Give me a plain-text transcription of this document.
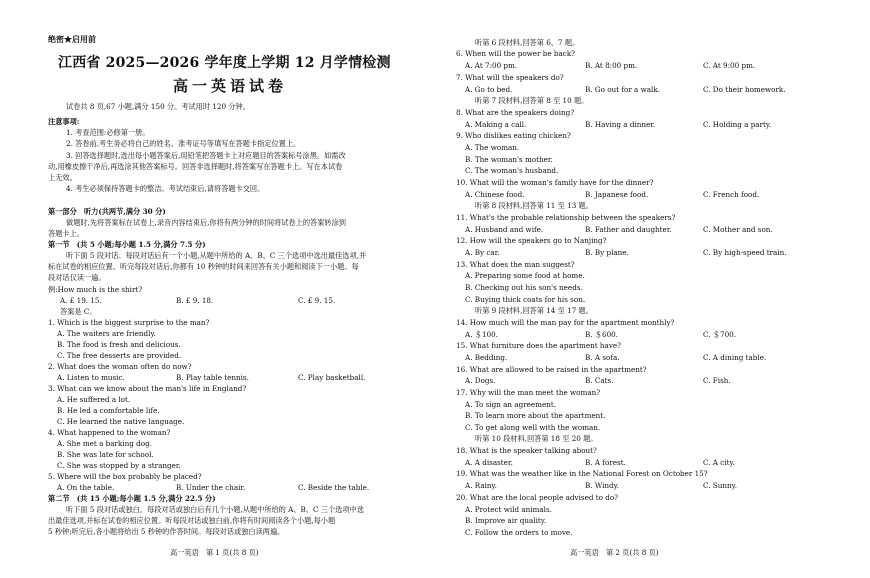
绝密★启用前
江西省 2025—2026 学年度上学期 12 月学情检测
高一英语试卷
试卷共 8 页,67 小题,满分 150 分。考试用时 120 分钟。
注意事项:
1. 考查范围:必修第一册。
2. 答卷前,考生务必将自己的姓名、准考证号等填写在答题卡指定位置上。
3. 回答选择题时,选出每小题答案后,用铅笔把答题卡上对应题目的答案标号涂黑。如需改
动,用橡皮擦干净后,再选涂其他答案标号。回答非选择题时,将答案写在答题卡上。写在本试卷
上无效。
4. 考生必须保持答题卡的整洁。考试结束后,请将答题卡交回。
第一部分　听力(共两节,满分 30 分)
做题时,先将答案标在试卷上,录音内容结束后,你将有两分钟的时间将试卷上的答案转涂到
答题卡上。
第一节　(共 5 小题;每小题 1.5 分,满分 7.5 分)
听下面 5 段对话。每段对话后有一个小题,从题中所给的 A、B、C 三个选项中选出最佳选项,并
标在试卷的相应位置。听完每段对话后,你都有 10 秒钟的时间来回答有关小题和阅读下一小题。每
段对话仅读一遍。
例:How much is the shirt?
A. £ 19. 15.	B. £ 9. 18.	C. £ 9. 15.
答案是 C。
1. Which is the biggest surprise to the man?
A. The waiters are friendly.
B. The food is fresh and delicious.
C. The free desserts are provided.
2. What does the woman often do now?
A. Listen to music.	B. Play table tennis.	C. Play basketball.
3. What can we know about the man's life in England?
A. He suffered a lot.
B. He led a comfortable life.
C. He learned the native language.
4. What happened to the woman?
A. She met a barking dog.
B. She was late for school.
C. She was stopped by a stranger.
5. Where will the box probably be placed?
A. On the table.	B. Under the chair.	C. Beside the table.
第二节　(共 15 小题;每小题 1.5 分,满分 22.5 分)
听下面 5 段对话或独白。每段对话或独白后有几个小题,从题中所给的 A、B、C 三个选项中选
出最佳选项,并标在试卷的相应位置。听每段对话或独白前,你将有时间阅读各个小题,每小题
5 秒钟;听完后,各小题将给出 5 秒钟的作答时间。每段对话或独白读两遍。
高一英语　第 1 页(共 8 页)
听第 6 段材料,回答第 6、7 题。
6. When will the power be back?
A. At 7:00 pm.	B. At 8:00 pm.	C. At 9:00 pm.
7. What will the speakers do?
A. Go to bed.	B. Go out for a walk.	C. Do their homework.
听第 7 段材料,回答第 8 至 10 题。
8. What are the speakers doing?
A. Making a call.	B. Having a dinner.	C. Holding a party.
9. Who dislikes eating chicken?
A. The woman.
B. The woman's mother.
C. The woman's husband.
10. What will the woman's family have for the dinner?
A. Chinese food.	B. Japanese food.	C. French food.
听第 8 段材料,回答第 11 至 13 题。
11. What's the probable relationship between the speakers?
A. Husband and wife.	B. Father and daughter.	C. Mother and son.
12. How will the speakers go to Nanjing?
A. By car.	B. By plane.	C. By high-speed train.
13. What does the man suggest?
A. Preparing some food at home.
B. Checking out his son's needs.
C. Buying thick coats for his son.
听第 9 段材料,回答第 14 至 17 题。
14. How much will the man pay for the apartment monthly?
A. ＄100.	B. ＄600.	C. ＄700.
15. What furniture does the apartment have?
A. Bedding.	B. A sofa.	C. A dining table.
16. What are allowed to be raised in the apartment?
A. Dogs.	B. Cats.	C. Fish.
17. Why will the man meet the woman?
A. To sign an agreement.
B. To learn more about the apartment.
C. To get along well with the woman.
听第 10 段材料,回答第 18 至 20 题。
18. What is the speaker talking about?
A. A disaster.	B. A forest.	C. A city.
19. What was the weather like in the National Forest on October 15?
A. Rainy.	B. Windy.	C. Sunny.
20. What are the local people advised to do?
A. Protect wild animals.
B. Improve air quality.
C. Follow the orders to move.
高一英语　第 2 页(共 8 页)
